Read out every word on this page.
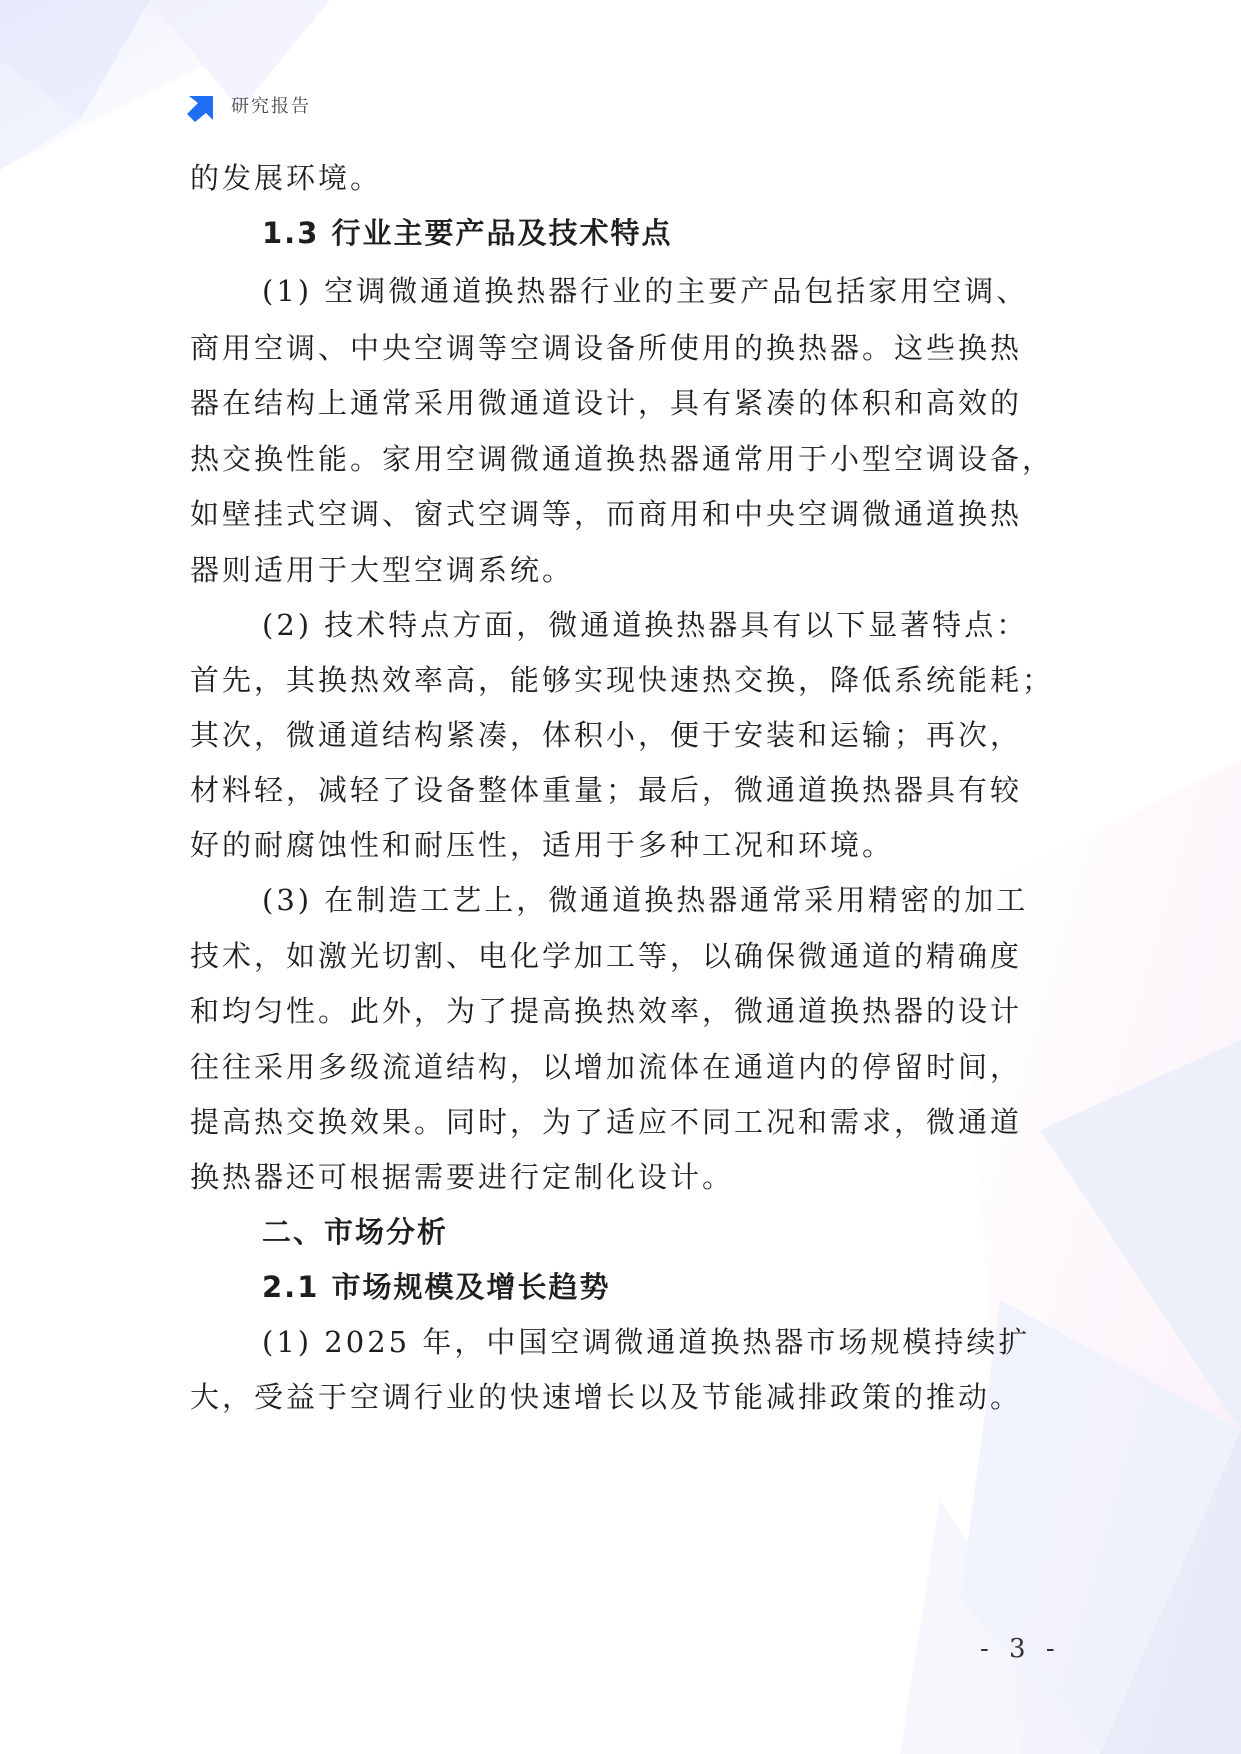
研究报告
的发展环境。
1.3 行业主要产品及技术特点
(1) 空调微通道换热器行业的主要产品包括家用空调、
商用空调、中央空调等空调设备所使用的换热器。这些换热
器在结构上通常采用微通道设计，具有紧凑的体积和高效的
热交换性能。家用空调微通道换热器通常用于小型空调设备，
如壁挂式空调、窗式空调等，而商用和中央空调微通道换热
器则适用于大型空调系统。
(2) 技术特点方面，微通道换热器具有以下显著特点：
首先，其换热效率高，能够实现快速热交换，降低系统能耗；
其次，微通道结构紧凑，体积小，便于安装和运输；再次，
材料轻，减轻了设备整体重量；最后，微通道换热器具有较
好的耐腐蚀性和耐压性，适用于多种工况和环境。
(3) 在制造工艺上，微通道换热器通常采用精密的加工
技术，如激光切割、电化学加工等，以确保微通道的精确度
和均匀性。此外，为了提高换热效率，微通道换热器的设计
往往采用多级流道结构，以增加流体在通道内的停留时间，
提高热交换效果。同时，为了适应不同工况和需求，微通道
换热器还可根据需要进行定制化设计。
二、市场分析
2.1 市场规模及增长趋势
(1) 2025 年，中国空调微通道换热器市场规模持续扩
大，受益于空调行业的快速增长以及节能减排政策的推动。
- 3 -
